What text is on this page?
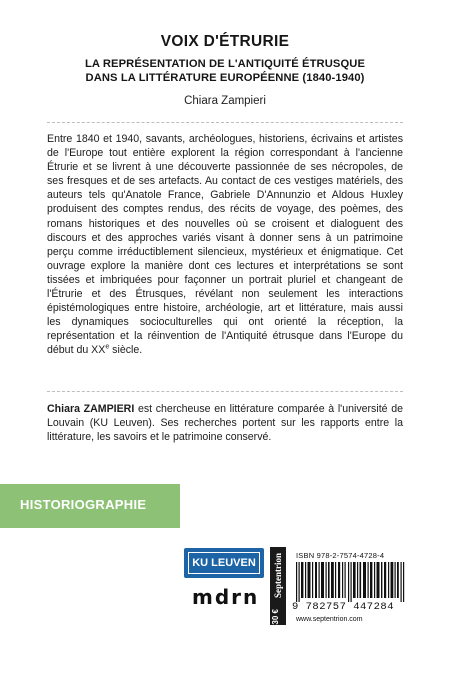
VOIX D'ÉTRURIE
LA REPRÉSENTATION DE L'ANTIQUITÉ ÉTRUSQUE
DANS LA LITTÉRATURE EUROPÉENNE (1840-1940)
Chiara Zampieri
Entre 1840 et 1940, savants, archéologues, historiens, écrivains et artistes de l'Europe tout entière explorent la région correspondant à l'ancienne Étrurie et se livrent à une découverte passionnée de ses nécropoles, de ses fresques et de ses artefacts. Au contact de ces vestiges matériels, des auteurs tels qu'Anatole France, Gabriele D'Annunzio et Aldous Huxley produisent des comptes rendus, des récits de voyage, des poèmes, des romans historiques et des nouvelles où se croisent et dialoguent des discours et des approches variés visant à donner sens à un patrimoine perçu comme irréductiblement silencieux, mystérieux et énigmatique. Cet ouvrage explore la manière dont ces lectures et interprétations se sont tissées et imbriquées pour façonner un portrait pluriel et changeant de l'Étrurie et des Étrusques, révélant non seulement les interactions épistémologiques entre histoire, archéologie, art et littérature, mais aussi les dynamiques socioculturelles qui ont orienté la réception, la représentation et la réinvention de l'Antiquité étrusque dans l'Europe du début du XXe siècle.
Chiara ZAMPIERI est chercheuse en littérature comparée à l'université de Louvain (KU Leuven). Ses recherches portent sur les rapports entre la littérature, les savoirs et le patrimoine conservé.
HISTORIOGRAPHIE
KU LEUVEN
mdrn
30 €
Septentrion	ISBN 978-2-7574-4728-4
9 782757 447284
www.septentrion.com
